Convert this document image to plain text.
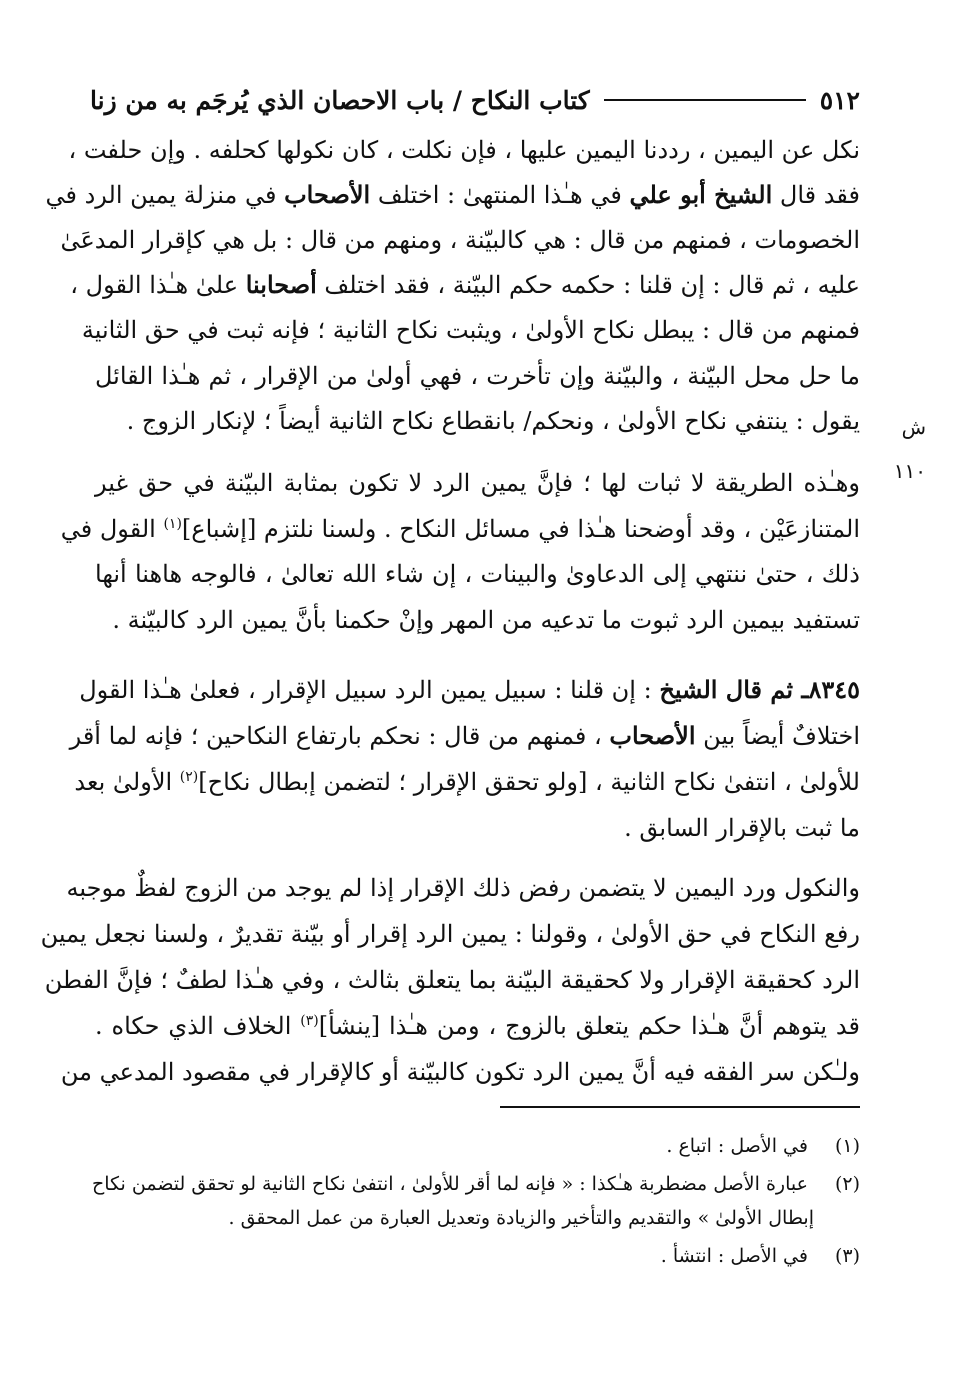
٥١٢
كتاب النكاح / باب الاحصان الذي يُرجَم به من زنا
نكل عن اليمين ، رددنا اليمين عليها ، فإن نكلت ، كان نكولها كحلفه . وإن حلفت ،
فقد قال الشيخ أبو علي في هـٰذا المنتهىٰ : اختلف الأصحاب في منزلة يمين الرد في
الخصومات ، فمنهم من قال : هي كالبيّنة ، ومنهم من قال : بل هي كإقرار المدعَىٰ
عليه ، ثم قال : إن قلنا : حكمه حكم البيّنة ، فقد اختلف أصحابنا علىٰ هـٰذا القول ،
فمنهم من قال : يبطل نكاح الأولىٰ ، ويثبت نكاح الثانية ؛ فإنه ثبت في حق الثانية
ما حل محل البيّنة ، والبيّنة وإن تأخرت ، فهي أولىٰ من الإقرار ، ثم هـٰذا القائل
يقول : ينتفي نكاح الأولىٰ ، ونحكم/ بانقطاع نكاح الثانية أيضاً ؛ لإنكار الزوج .	ش ١١٠
وهـٰذه الطريقة لا ثبات لها ؛ فإنَّ يمين الرد لا تكون بمثابة البيّنة في حق غير
المتنازعَيْن ، وقد أوضحنا هـٰذا في مسائل النكاح . ولسنا نلتزم [إشباع]$^{(١)}$ القول في
ذلك ، حتىٰ ننتهي إلى الدعاوىٰ والبينات ، إن شاء الله تعالىٰ ، فالوجه هاهنا أنها
تستفيد بيمين الرد ثبوت ما تدعيه من المهر وإنْ حكمنا بأنَّ يمين الرد كالبيّنة .
٨٣٤٥ـ ثم قال الشيخ : إن قلنا : سبيل يمين الرد سبيل الإقرار ، فعلىٰ هـٰذا القول
اختلافٌ أيضاً بين الأصحاب ، فمنهم من قال : نحكم بارتفاع النكاحين ؛ فإنه لما أقر
للأولىٰ ، انتفىٰ نكاح الثانية ، [ولو تحقق الإقرار ؛ لتضمن إبطال نكاح]$^{(٢)}$ الأولىٰ بعد
ما ثبت بالإقرار السابق .
والنكول ورد اليمين لا يتضمن رفض ذلك الإقرار إذا لم يوجد من الزوج لفظٌ موجبه
رفع النكاح في حق الأولىٰ ، وقولنا : يمين الرد إقرار أو بيّنة تقديرٌ ، ولسنا نجعل يمين
الرد كحقيقة الإقرار ولا كحقيقة البيّنة بما يتعلق بثالث ، وفي هـٰذا لطفٌ ؛ فإنَّ الفطن
قد يتوهم أنَّ هـٰذا حكم يتعلق بالزوج ، ومن هـٰذا [ينشأ]$^{(٣)}$ الخلاف الذي حكاه .
ولـٰكن سر الفقه فيه أنَّ يمين الرد تكون كالبيّنة أو كالإقرار في مقصود المدعي من
(١) في الأصل : اتباع .
(٢) عبارة الأصل مضطربة هـٰكذا : « فإنه لما أقر للأولىٰ ، انتفىٰ نكاح الثانية لو تحقق لتضمن نكاح
إبطال الأولىٰ » والتقديم والتأخير والزيادة وتعديل العبارة من عمل المحقق .
(٣) في الأصل : انتشأ .
